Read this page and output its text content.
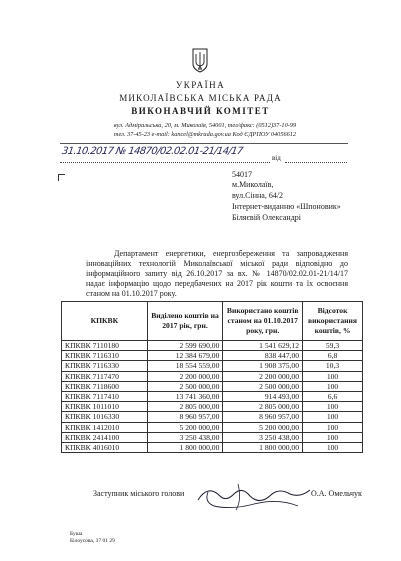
УКРАЇНА
МИКОЛАЇВСЬКА МІСЬКА РАДА
ВИКОНАВЧИЙ КОМІТЕТ
вул. Адміральська, 20, м. Миколаїв, 54001, тел/факс: (0512)37-10-99
тел. 37-45-23 e-mail: kancel@mkrada.gov.ua Код ЄДРПОУ 04056612
31.10.2017 № 14870/02.02.01-21/14/17
від
54017
м.Миколаїв,
вул.Сінна, 64/2
Інтернет-виданню «Шпоновик»
Біляєвій Олександрі
Департамент енергетики, енергозбереження та запровадження інноваційних технологій Миколаївської міської ради відповідно до інформаційного запиту від 26.10.2017 за вх. № 14870/02.02.01-21/14/17 надає інформацію щодо передбачених на 2017 рік кошти та їх освоєння станом на 01.10.2017 року.
КПКВК	Виділено коштів на 2017 рік, грн.	Використано коштів станом на 01.10.2017 року, грн.	Відсоток використання коштів, %
КПКВК 7110180	2 599 690,00	1 541 629,12	59,3
КПКВК 7116310	12 384 679,00	838 447,00	6,8
КПКВК 7116330	18 554 559,00	1 908 375,00	10,3
КПКВК 7117470	2 200 000,00	2 200 000,00	100
КПКВК 7118600	2 500 000,00	2 500 000,00	100
КПКВК 7117410	13 741 360,00	914 493,00	6,6
КПКВК 1011010	2 805 000,00	2 805 000,00	100
КПКВК 1016330	8 960 957,00	8 960 957,00	100
КПКВК 1412010	5 200 000,00	5 200 000,00	100
КПКВК 2414100	3 250 438,00	3 250 438,00	100
КПКВК 4016010	1 800 000,00	1 800 000,00	100
Заступник міського голови	О.А. Омельчук
Буша
Білоусова, 37 01 29
